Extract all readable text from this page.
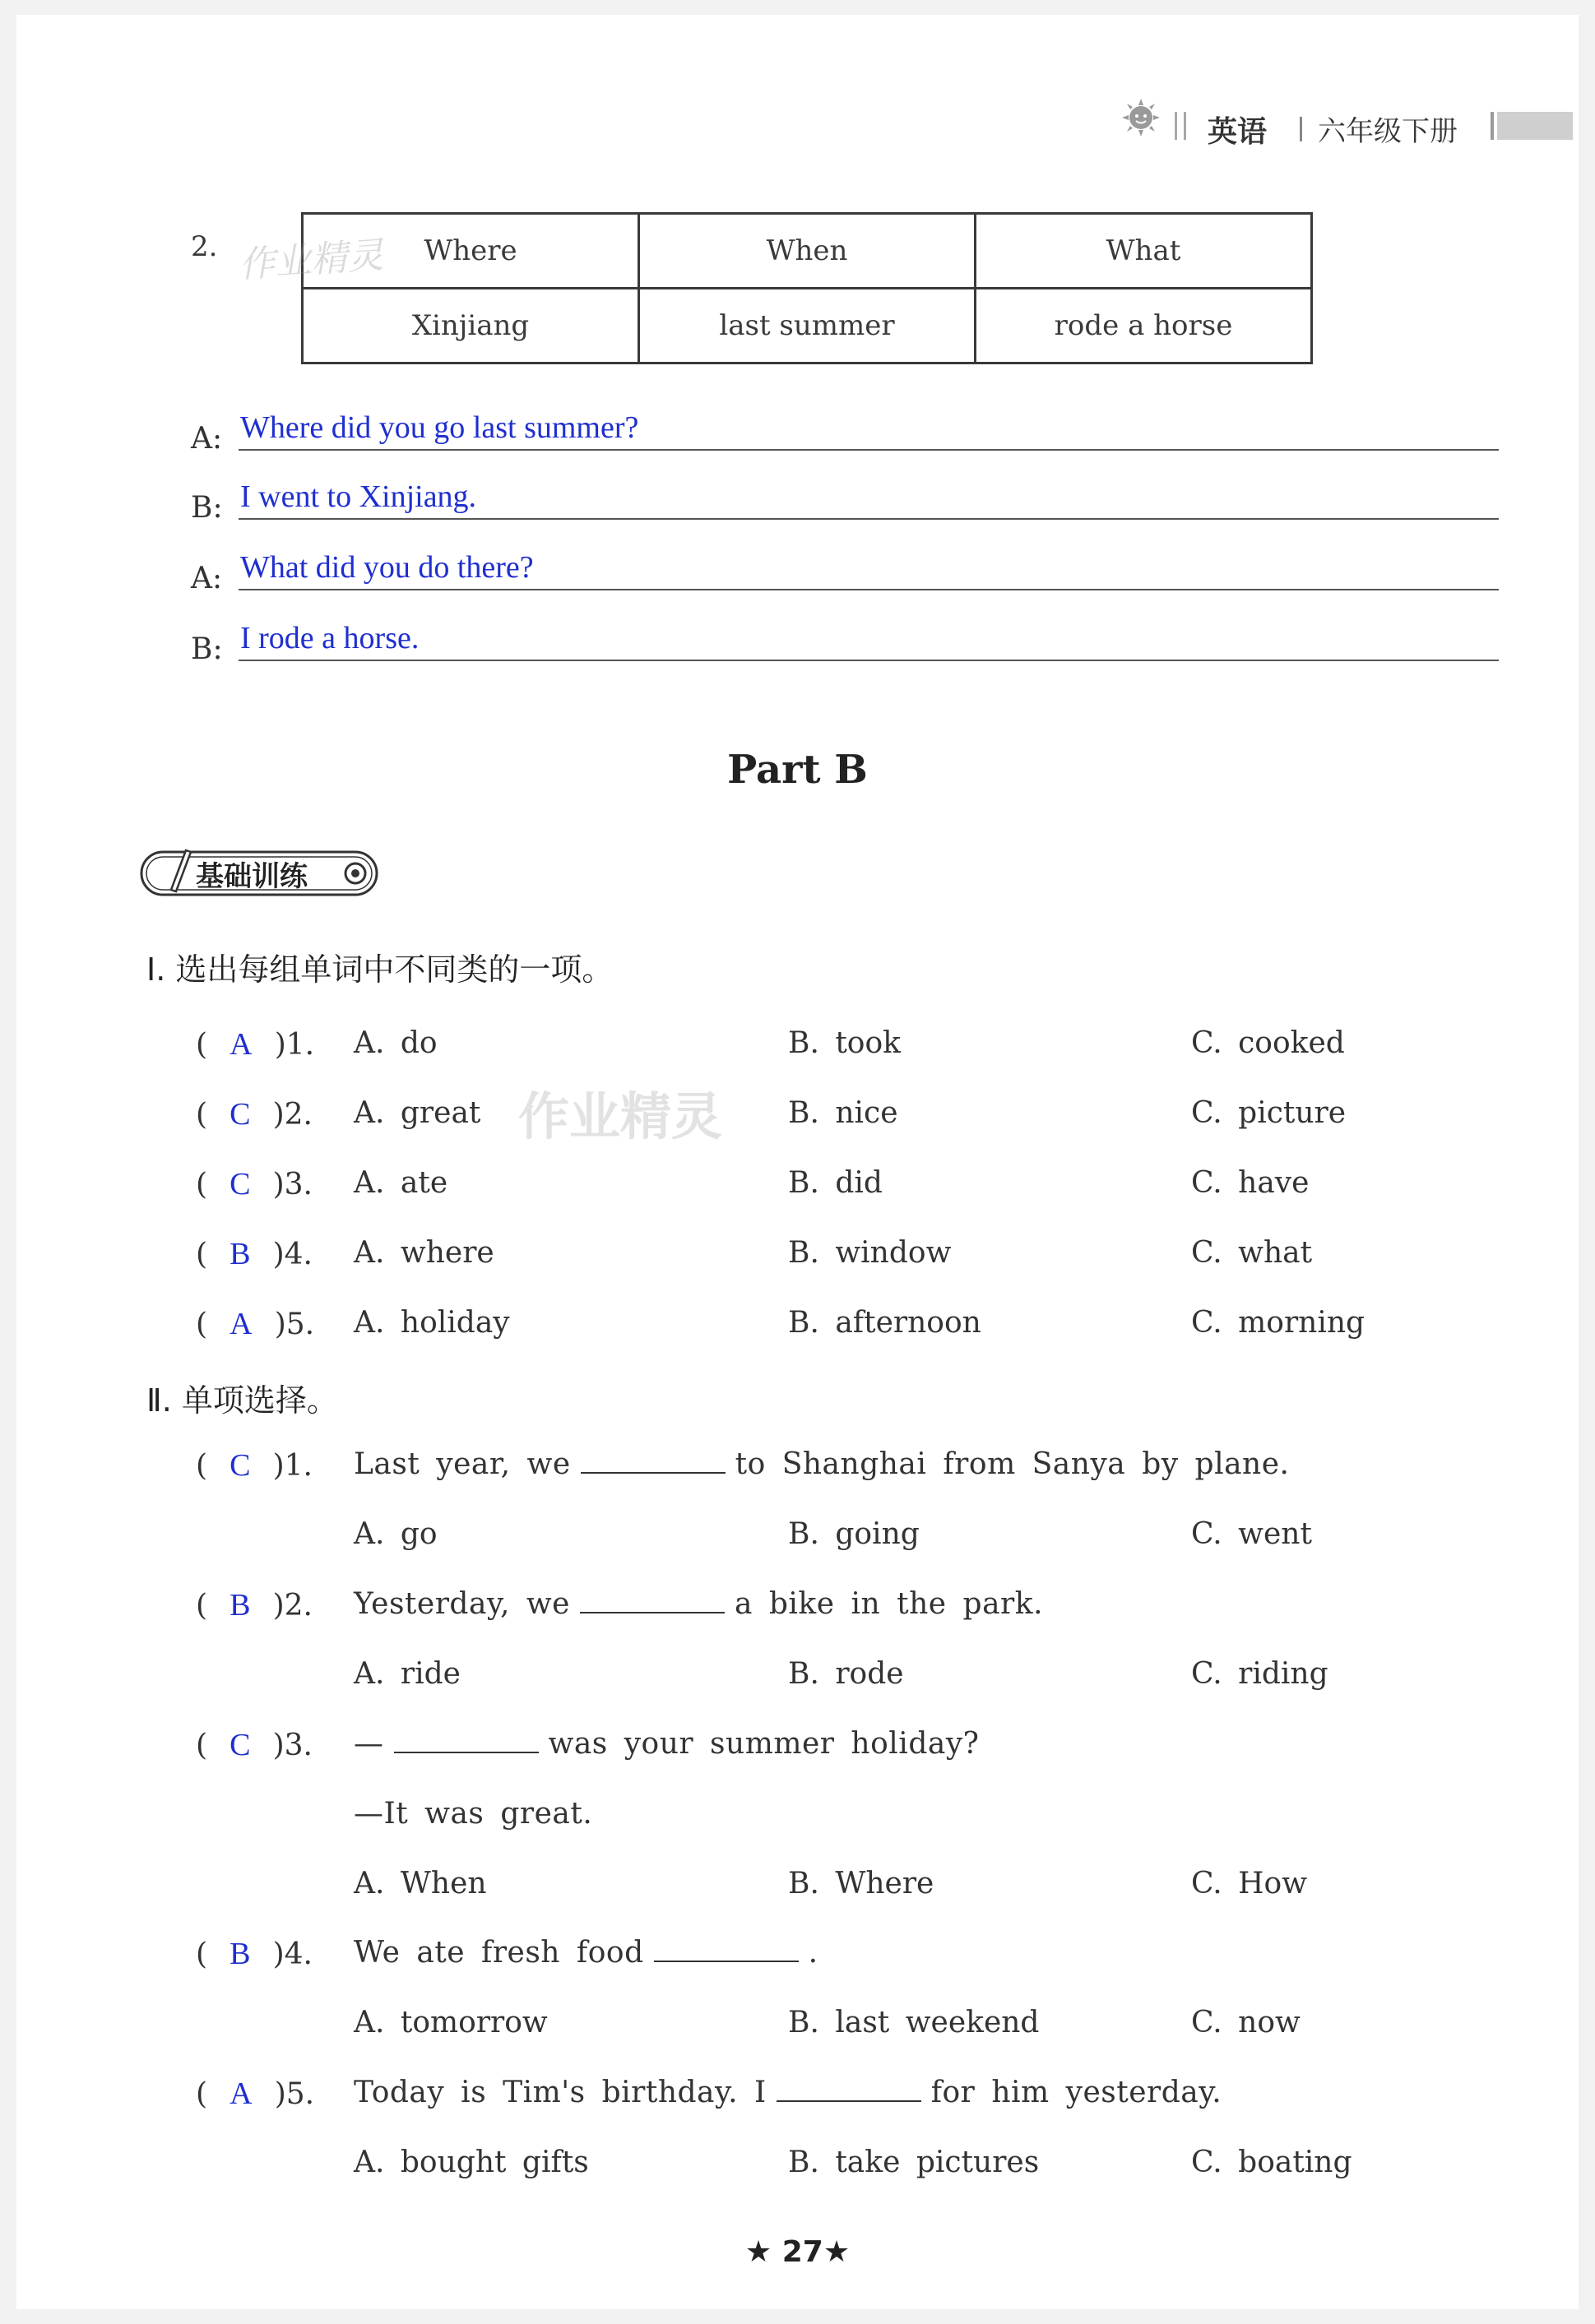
英语 六年级下册
2.	Where	When	What
Xinjiang	last summer	rode a horse
作业精灵
A: Where did you go last summer?
B: I went to Xinjiang.
A: What did you do there?
B: I rode a horse.
Part B
基础训练
Ⅰ. 选出每组单词中不同类的一项。
作业精灵
( A )1. A. do	B. took	C. cooked
( C )2. A. great	B. nice	C. picture
( C )3. A. ate	B. did	C. have
( B )4. A. where	B. window	C. what
( A )5. A. holiday	B. afternoon	C. morning
Ⅱ. 单项选择。
( C )1. Last year, we	to Shanghai from Sanya by plane.
A. go	B. going	C. went
( B )2. Yesterday, we	a bike in the park.
A. ride	B. rode	C. riding
( C )3. —	was your summer holiday?
—It was great.
A. When	B. Where	C. How
( B )4. We ate fresh food	.
A. tomorrow	B. last weekend	C. now
( A )5. Today is Tim's birthday. I	for him yesterday.
A. bought gifts	B. take pictures	C. boating
★ 27★
